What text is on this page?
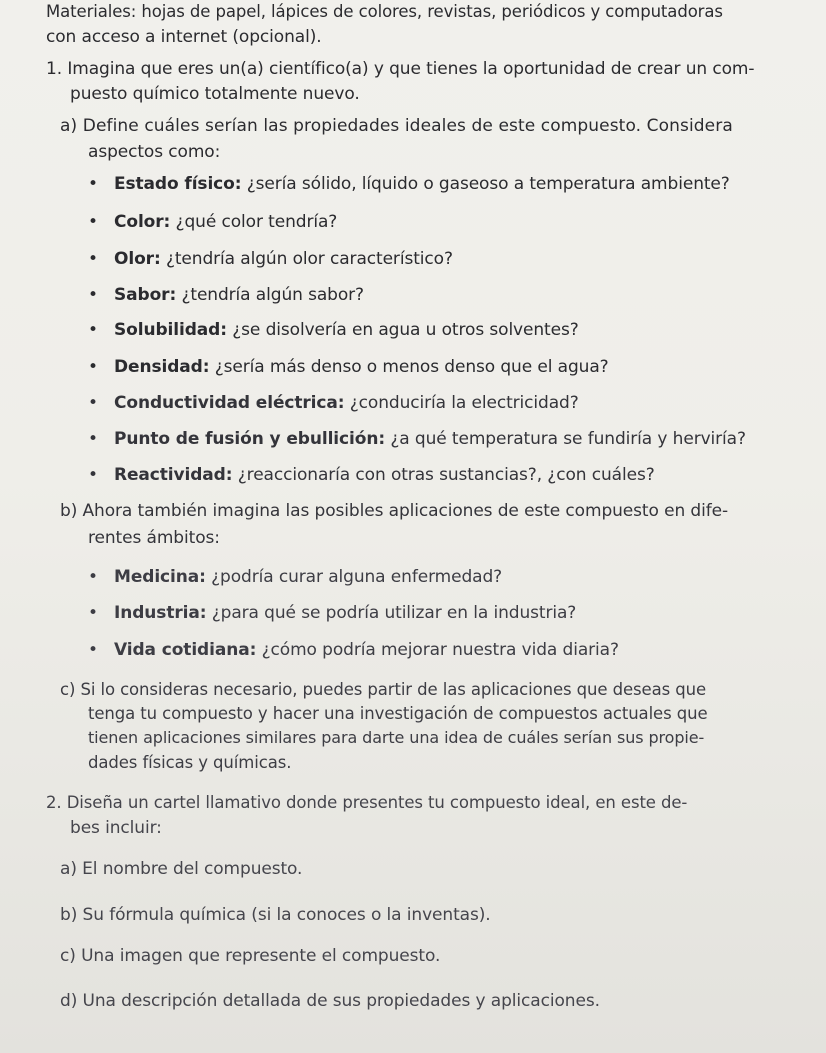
Materiales: hojas de papel, lápices de colores, revistas, periódicos y computadoras
con acceso a internet (opcional).
1. Imagina que eres un(a) científico(a) y que tienes la oportunidad de crear un com-
puesto químico totalmente nuevo.
a) Define cuáles serían las propiedades ideales de este compuesto. Considera
aspectos como:
• Estado físico: ¿sería sólido, líquido o gaseoso a temperatura ambiente?
• Color: ¿qué color tendría?
• Olor: ¿tendría algún olor característico?
• Sabor: ¿tendría algún sabor?
• Solubilidad: ¿se disolvería en agua u otros solventes?
• Densidad: ¿sería más denso o menos denso que el agua?
• Conductividad eléctrica: ¿conduciría la electricidad?
• Punto de fusión y ebullición: ¿a qué temperatura se fundiría y herviría?
• Reactividad: ¿reaccionaría con otras sustancias?, ¿con cuáles?
b) Ahora también imagina las posibles aplicaciones de este compuesto en dife-
rentes ámbitos:
• Medicina: ¿podría curar alguna enfermedad?
• Industria: ¿para qué se podría utilizar en la industria?
• Vida cotidiana: ¿cómo podría mejorar nuestra vida diaria?
c) Si lo consideras necesario, puedes partir de las aplicaciones que deseas que
tenga tu compuesto y hacer una investigación de compuestos actuales que
tienen aplicaciones similares para darte una idea de cuáles serían sus propie-
dades físicas y químicas.
2. Diseña un cartel llamativo donde presentes tu compuesto ideal, en este de-
bes incluir:
a) El nombre del compuesto.
b) Su fórmula química (si la conoces o la inventas).
c) Una imagen que represente el compuesto.
d) Una descripción detallada de sus propiedades y aplicaciones.
